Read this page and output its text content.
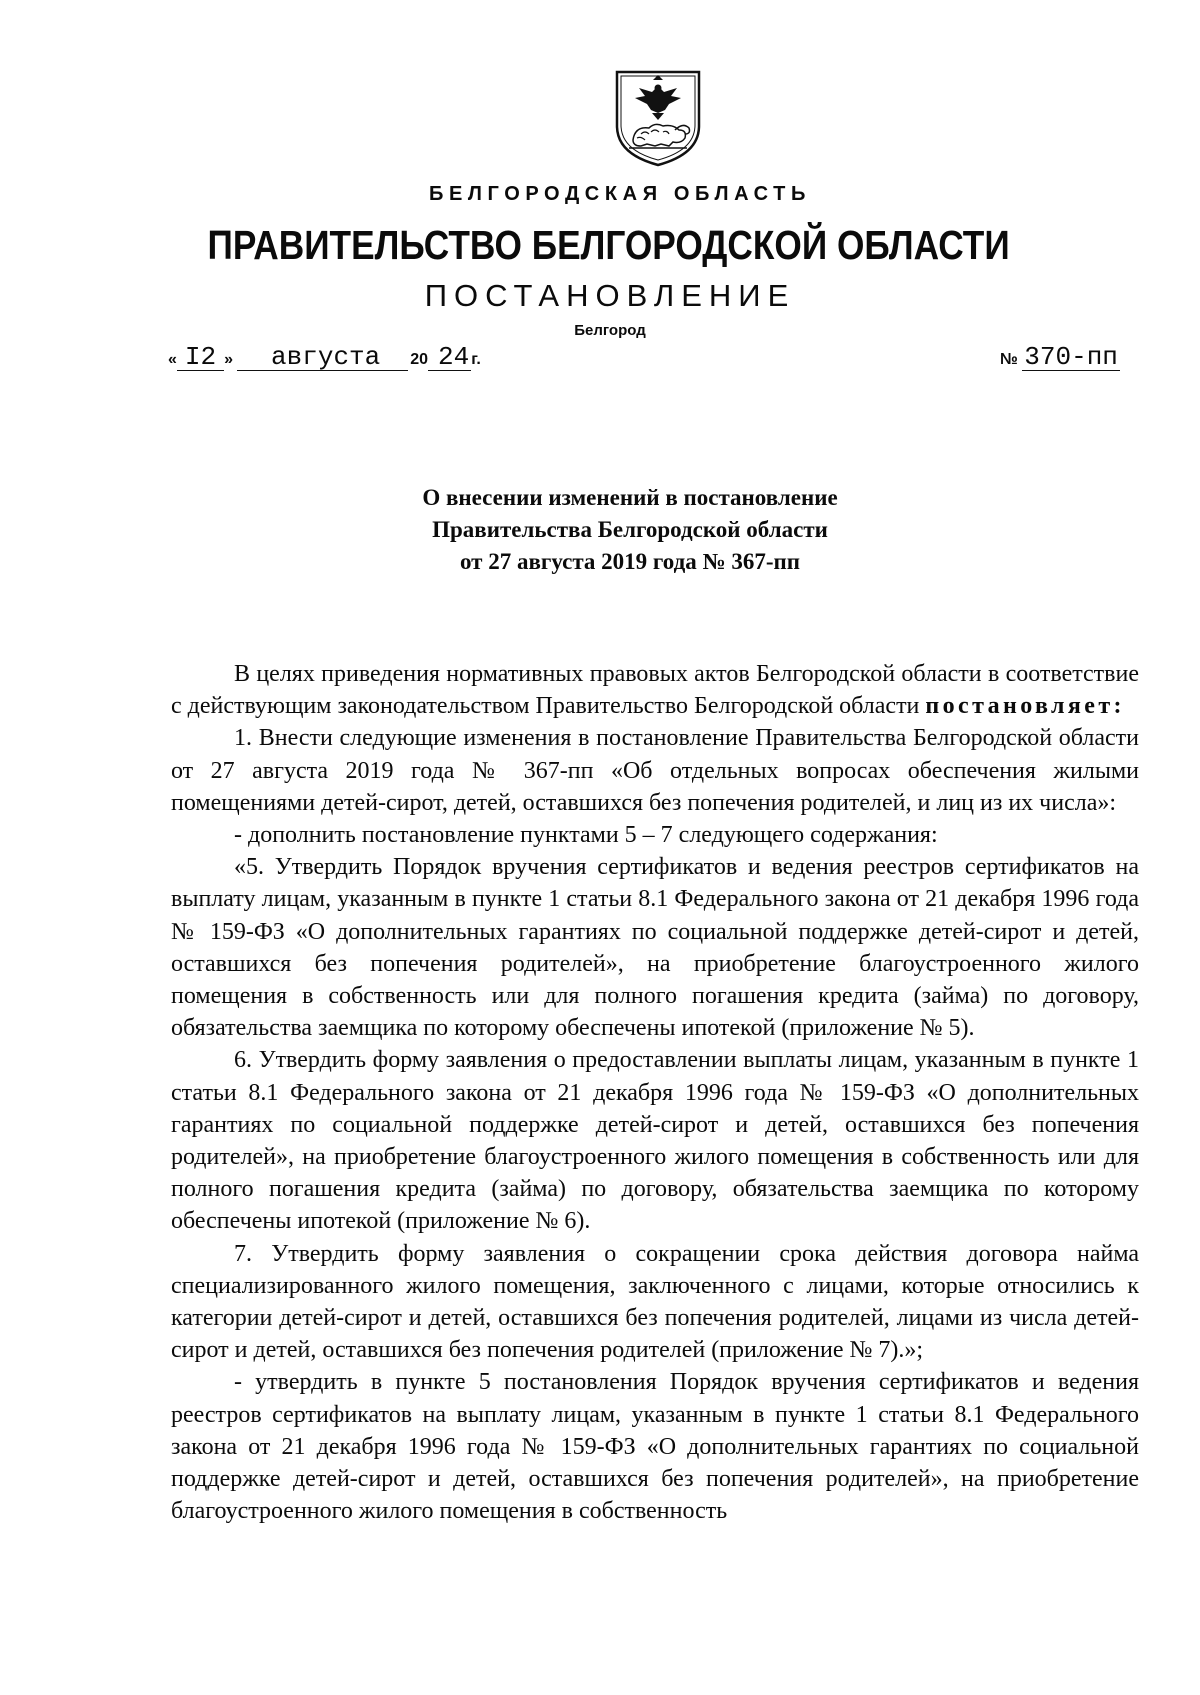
БЕЛГОРОДСКАЯ ОБЛАСТЬ
ПРАВИТЕЛЬСТВО БЕЛГОРОДСКОЙ ОБЛАСТИ
ПОСТАНОВЛЕНИЕ
Белгород
« I2 » августа 20 24 г.	№ 370-пп
О внесении изменений в постановление
Правительства Белгородской области
от 27 августа 2019 года № 367-пп

В целях приведения нормативных правовых актов Белгородской области в соответствие с действующим законодательством Правительство Белгородской области постановляет:

1. Внести следующие изменения в постановление Правительства Белгородской области от 27 августа 2019 года № 367-пп «Об отдельных вопросах обеспечения жилыми помещениями детей-сирот, детей, оставшихся без попечения родителей, и лиц из их числа»:

- дополнить постановление пунктами 5 – 7 следующего содержания:

«5. Утвердить Порядок вручения сертификатов и ведения реестров сертификатов на выплату лицам, указанным в пункте 1 статьи 8.1 Федерального закона от 21 декабря 1996 года № 159-ФЗ «О дополнительных гарантиях по социальной поддержке детей-сирот и детей, оставшихся без попечения родителей», на приобретение благоустроенного жилого помещения в собственность или для полного погашения кредита (займа) по договору, обязательства заемщика по которому обеспечены ипотекой (приложение № 5).

6. Утвердить форму заявления о предоставлении выплаты лицам, указанным в пункте 1 статьи 8.1 Федерального закона от 21 декабря 1996 года № 159-ФЗ «О дополнительных гарантиях по социальной поддержке детей-сирот и детей, оставшихся без попечения родителей», на приобретение благоустроенного жилого помещения в собственность или для полного погашения кредита (займа) по договору, обязательства заемщика по которому обеспечены ипотекой (приложение № 6).

7. Утвердить форму заявления о сокращении срока действия договора найма специализированного жилого помещения, заключенного с лицами, которые относились к категории детей-сирот и детей, оставшихся без попечения родителей, лицами из числа детей-сирот и детей, оставшихся без попечения родителей (приложение № 7).»;

- утвердить в пункте 5 постановления Порядок вручения сертификатов и ведения реестров сертификатов на выплату лицам, указанным в пункте 1 статьи 8.1 Федерального закона от 21 декабря 1996 года № 159-ФЗ «О дополнительных гарантиях по социальной поддержке детей-сирот и детей, оставшихся без попечения родителей», на приобретение благоустроенного жилого помещения в собственность
